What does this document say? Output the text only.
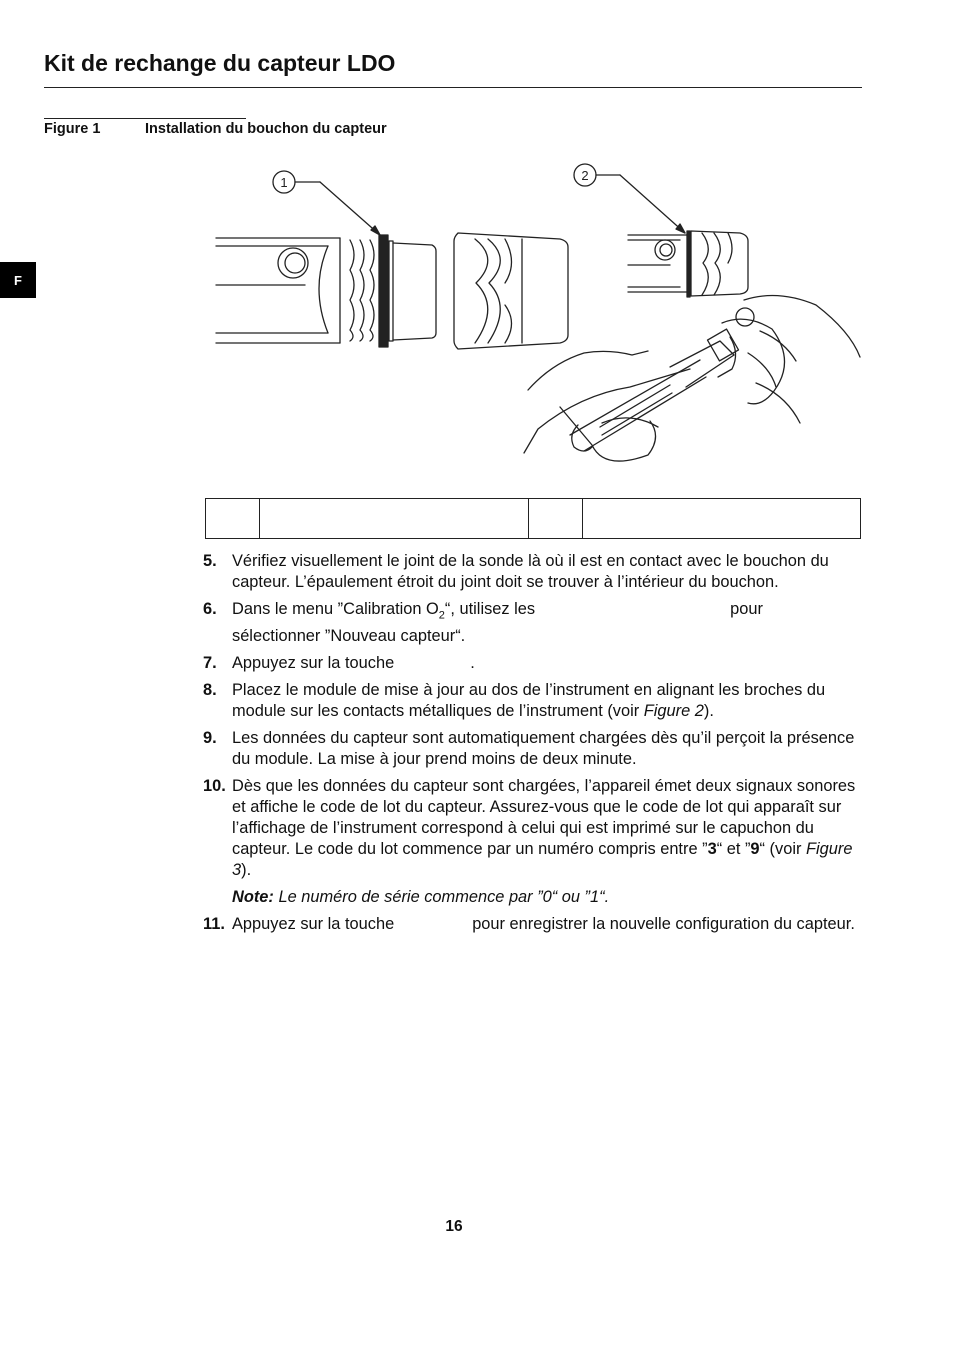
Kit de rechange du capteur LDO
F
Figure 1	Installation du bouchon du capteur
1	2

5. Vérifiez visuellement le joint de la sonde là où il est en contact avec le bouchon du capteur. L’épaulement étroit du joint doit se trouver à l’intérieur du bouchon.
6. Dans le menu ”Calibration $O_2“$, utilisez les	pour
sélectionner ”Nouveau capteur“.
7. Appuyez sur la touche	.
8. Placez le module de mise à jour au dos de l’instrument en alignant les broches du module sur les contacts métalliques de l’instrument (voir Figure 2).
9. Les données du capteur sont automatiquement chargées dès qu’il perçoit la présence du module. La mise à jour prend moins de deux minute.
10. Dès que les données du capteur sont chargées, l’appareil émet deux signaux sonores et affiche le code de lot du capteur. Assurez-vous que le code de lot qui apparaît sur l’affichage de l’instrument correspond à celui qui est imprimé sur le capuchon du capteur. Le code du lot commence par un numéro compris entre ”3“ et ”9“ (voir Figure 3).
Note: Le numéro de série commence par ”0“ ou ”1“.
11. Appuyez sur la touche	pour enregistrer la nouvelle configuration du capteur.
16
